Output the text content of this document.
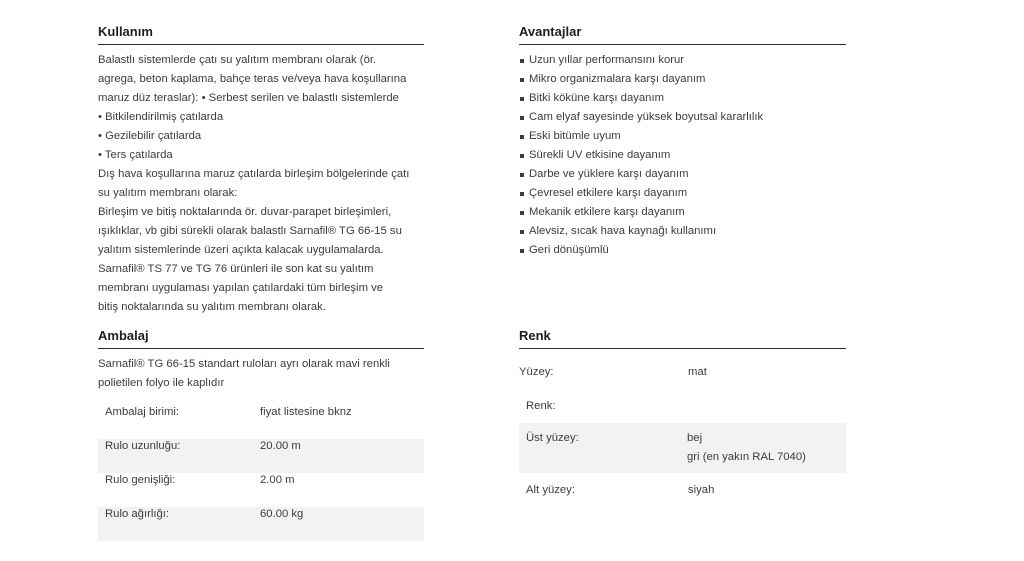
Kullanım
Balastlı sistemlerde çatı su yalıtım membranı olarak (ör.
agrega, beton kaplama, bahçe teras ve/veya hava koşullarına
maruz düz teraslar): • Serbest serilen ve balastlı sistemlerde
• Bitkilendirilmiş çatılarda
• Gezilebilir çatılarda
• Ters çatılarda
Dış hava koşullarına maruz çatılarda birleşim bölgelerinde çatı
su yalıtım membranı olarak:
Birleşim ve bitiş noktalarında ör. duvar-parapet birleşimleri,
ışıklıklar, vb gibi sürekli olarak balastlı Sarnafil® TG 66-15 su
yalıtım sistemlerinde üzeri açıkta kalacak uygulamalarda.
Sarnafil® TS 77 ve TG 76 ürünleri ile son kat su yalıtım
membranı uygulaması yapılan çatılardaki tüm birleşim ve
bitiş noktalarında su yalıtım membranı olarak.
Avantajlar
Uzun yıllar performansını korur
Mikro organizmalara karşı dayanım
Bitki köküne karşı dayanım
Cam elyaf sayesinde yüksek boyutsal kararlılık
Eski bitümle uyum
Sürekli UV etkisine dayanım
Darbe ve yüklere karşı dayanım
Çevresel etkilere karşı dayanım
Mekanik etkilere karşı dayanım
Alevsiz, sıcak hava kaynağı kullanımı
Geri dönüşümlü
Ambalaj
Sarnafil® TG 66-15 standart ruloları ayrı olarak mavi renkli
polietilen folyo ile kaplıdır
Ambalaj birimi:	fiyat listesine bknz
Rulo uzunluğu:	20.00 m
Rulo genişliği:	2.00 m
Rulo ağırlığı:	60.00 kg
Renk
Yüzey:	mat
Renk:	
Üst yüzey:	bej
gri (en yakın RAL 7040)

Alt yüzey:	siyah
